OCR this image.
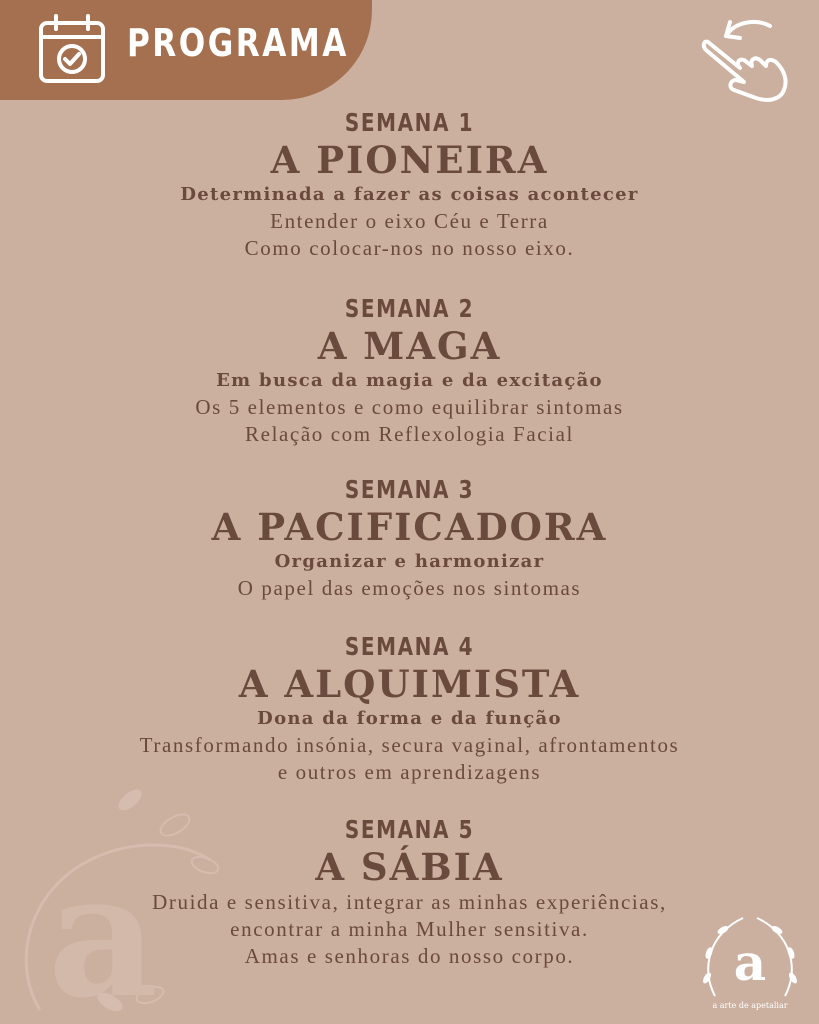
PROGRAMA
SEMANA 1
A PIONEIRA
Determinada a fazer as coisas acontecer
Entender o eixo Céu e Terra
Como colocar-nos no nosso eixo.
SEMANA 2
A MAGA
Em busca da magia e da excitação
Os 5 elementos e como equilibrar sintomas
Relação com Reflexologia Facial
SEMANA 3
A PACIFICADORA
Organizar e harmonizar
O papel das emoções nos sintomas
SEMANA 4
A ALQUIMISTA
Dona da forma e da função
Transformando insónia, secura vaginal, afrontamentos
e outros em aprendizagens
SEMANA 5
A SÁBIA
Druida e sensitiva, integrar as minhas experiências,
encontrar a minha Mulher sensitiva.
Amas e senhoras do nosso corpo.
a	a
a arte de apetaliar
